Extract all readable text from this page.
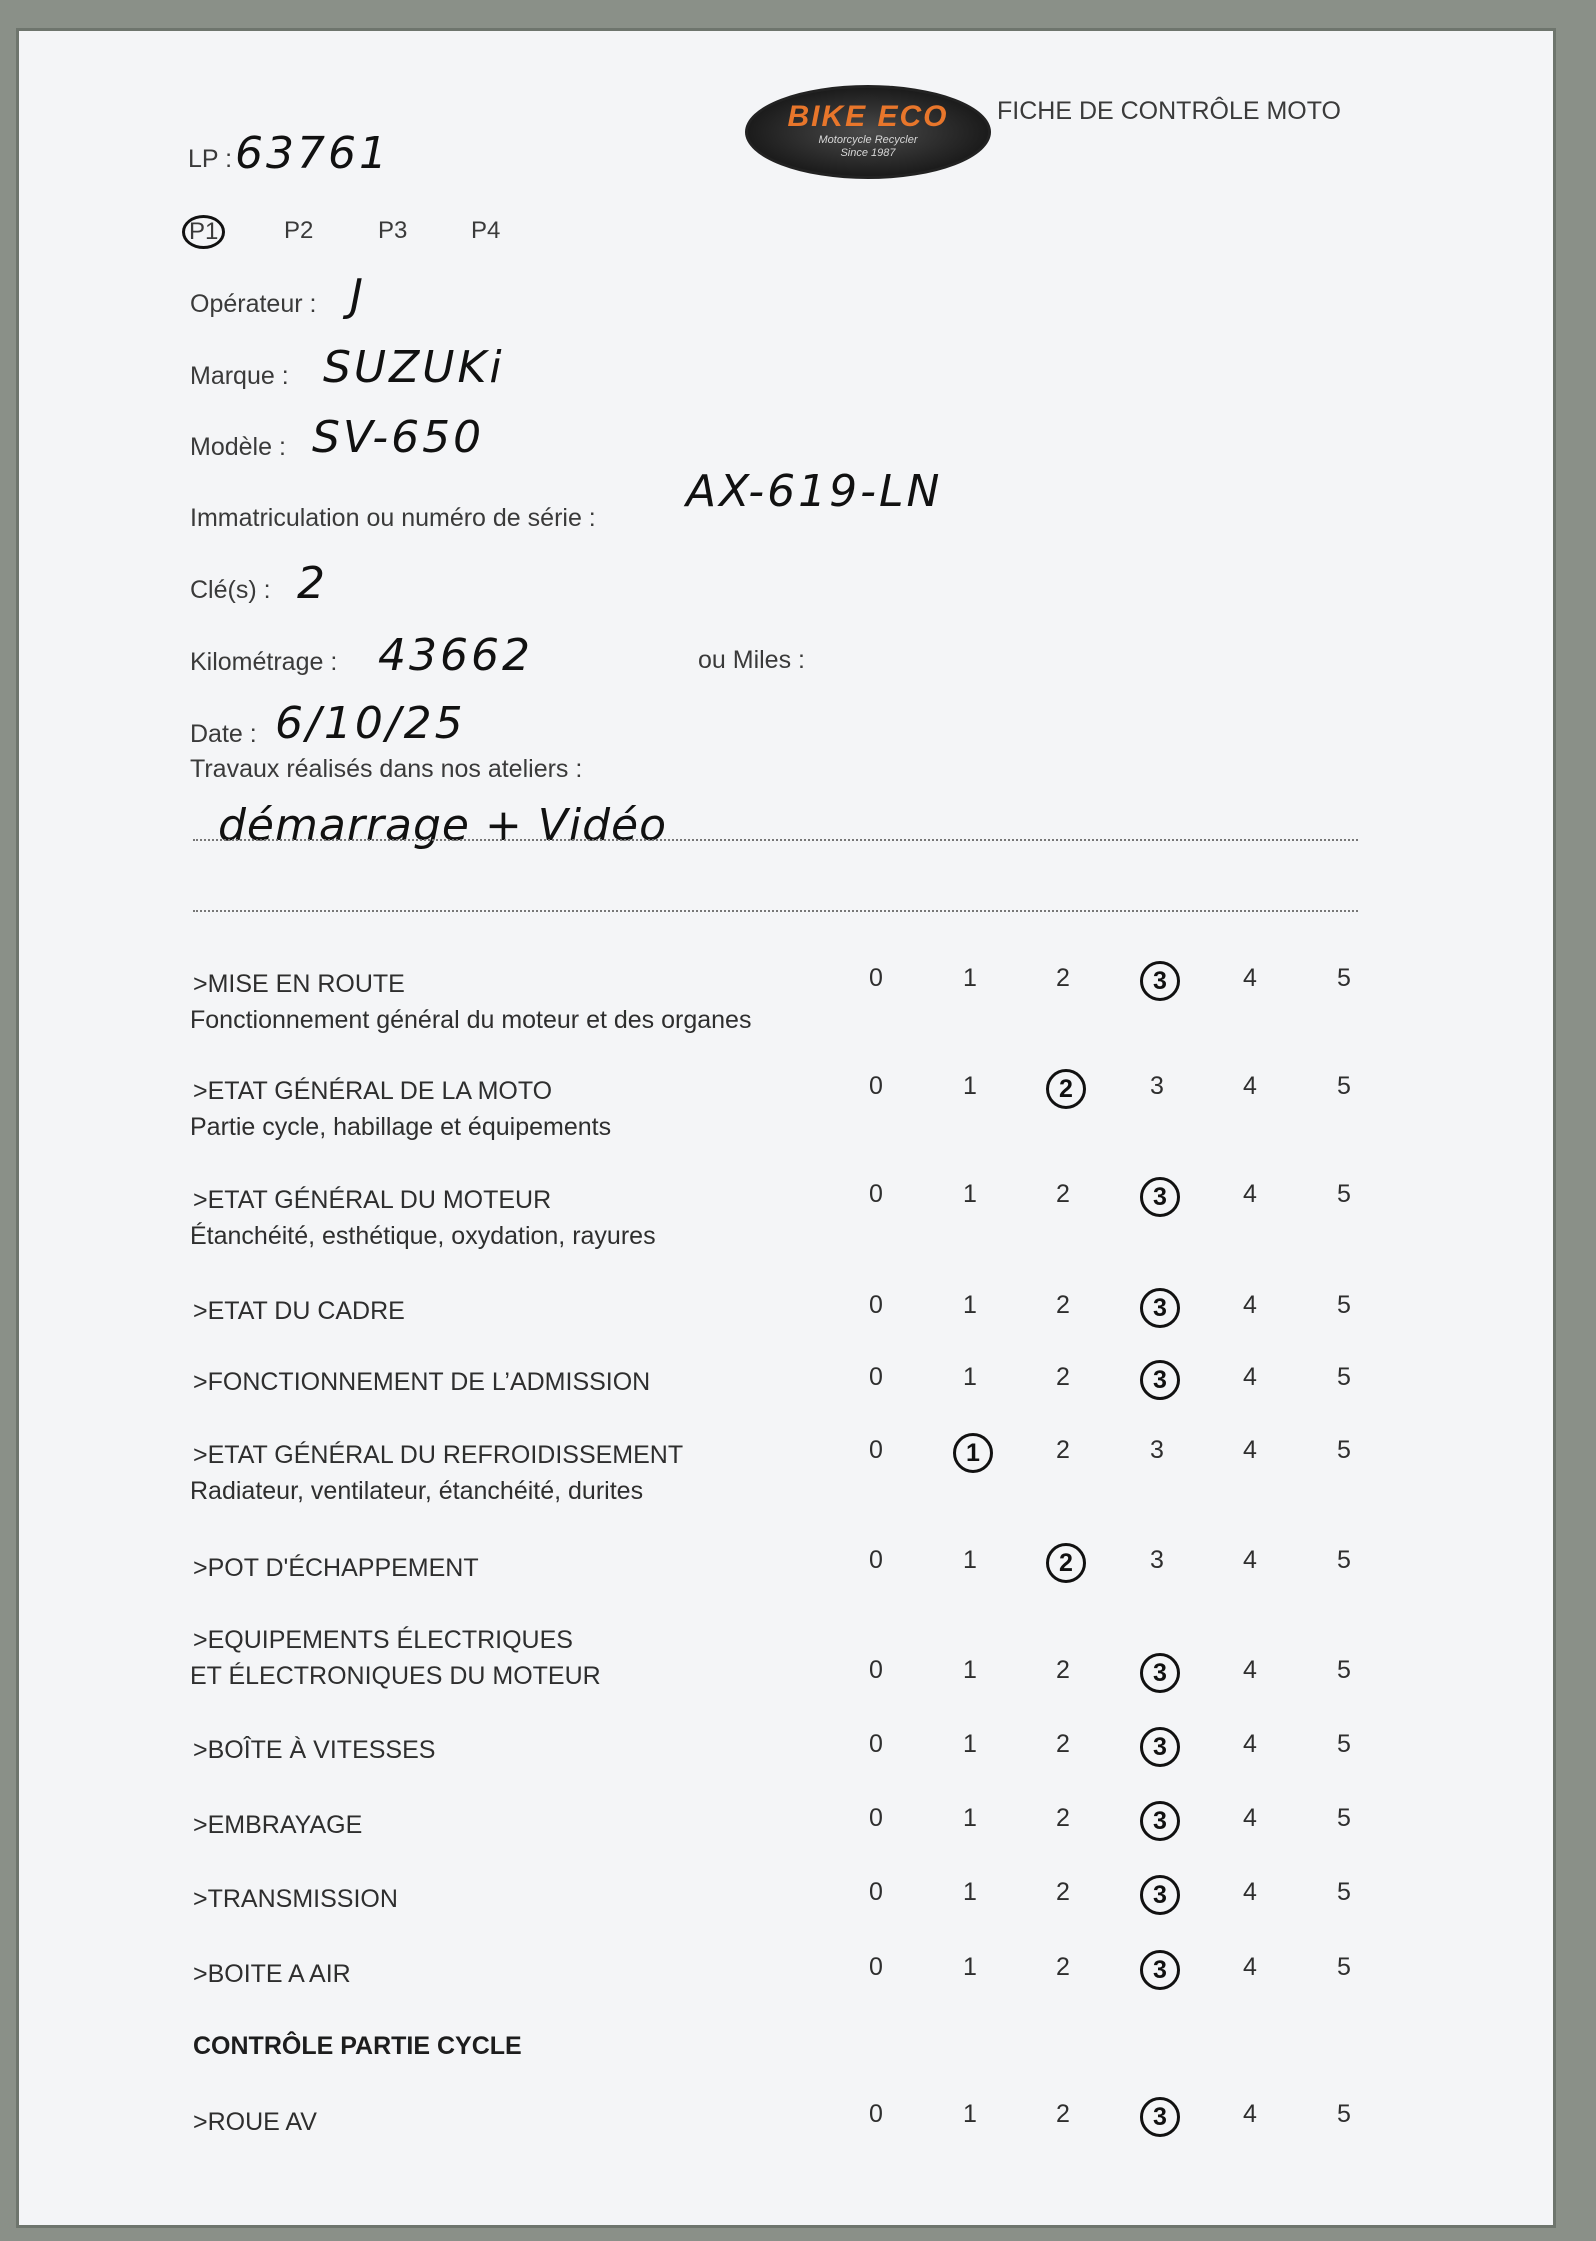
BIKE ECO
Motorcycle Recycler
Since 1987
FICHE DE CONTRÔLE MOTO
LP : 63761
P1	P2	P3	P4
Opérateur : J
Marque : SUZUKi
Modèle : SV-650
Immatriculation ou numéro de série :
AX-619-LN
Clé(s) : 2
Kilométrage : 43662	ou Miles :
Date : 6/10/25
Travaux réalisés dans nos ateliers :
démarrage + Vidéo
>MISE EN ROUTE
Fonctionnement général du moteur et des organes
0	1	2	3	4	5
>ETAT GÉNÉRAL DE LA MOTO
Partie cycle, habillage et équipements
0	1	2	3	4	5
>ETAT GÉNÉRAL DU MOTEUR
Étanchéité, esthétique, oxydation, rayures
0	1	2	3	4	5
>ETAT DU CADRE	0	1	2	3	4	5
>FONCTIONNEMENT DE L’ADMISSION	0	1	2	3	4	5
>ETAT GÉNÉRAL DU REFROIDISSEMENT
Radiateur, ventilateur, étanchéité, durites
0	1	2	3	4	5
>POT D'ÉCHAPPEMENT	0	1	2	3	4	5
>EQUIPEMENTS ÉLECTRIQUES
ET ÉLECTRONIQUES DU MOTEUR	0	1	2	3	4	5
>BOÎTE À VITESSES	0	1	2	3	4	5
>EMBRAYAGE	0	1	2	3	4	5
>TRANSMISSION	0	1	2	3	4	5
>BOITE A AIR	0	1	2	3	4	5
CONTRÔLE PARTIE CYCLE
>ROUE AV	0	1	2	3	4	5
